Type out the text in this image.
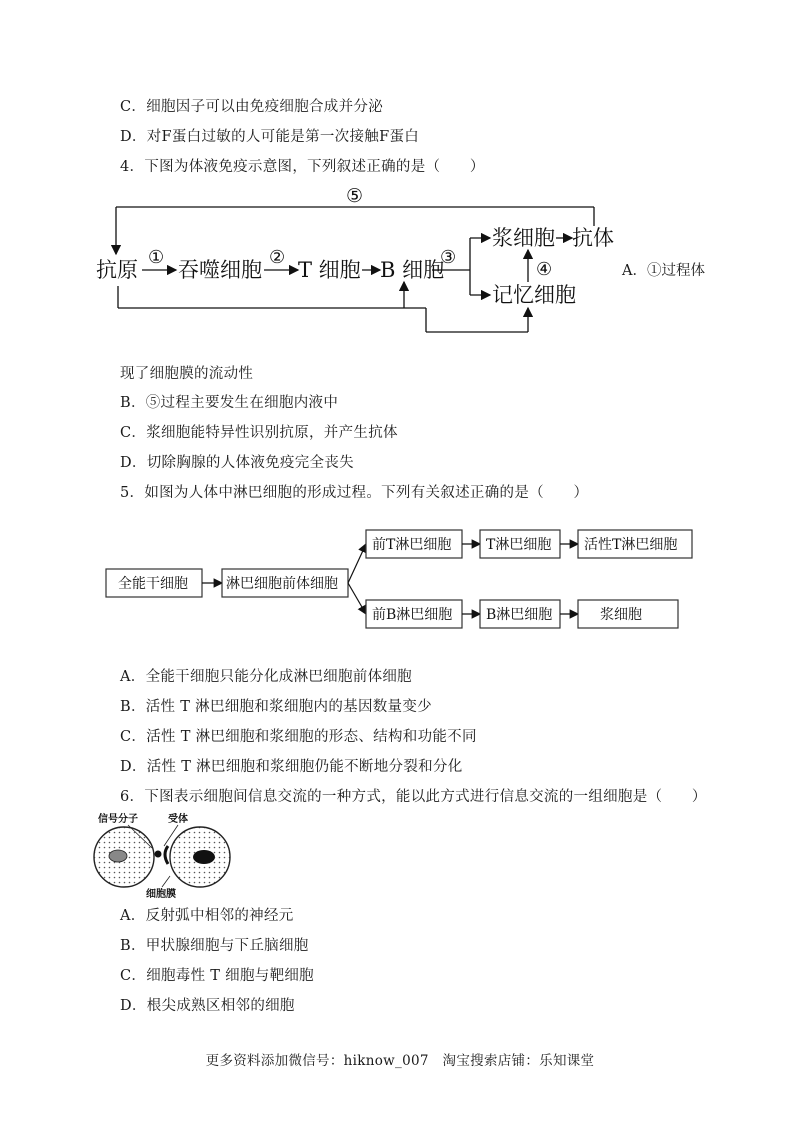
C．细胞因子可以由免疫细胞合成并分泌
D．对F蛋白过敏的人可能是第一次接触F蛋白
4．下图为体液免疫示意图，下列叙述正确的是（　　）
⑤
抗原
①
吞噬细胞
②
T 细胞 B 细胞
③
浆细胞 抗体
记忆细胞
④	A．①过程体
现了细胞膜的流动性
B．⑤过程主要发生在细胞内液中
C．浆细胞能特异性识别抗原，并产生抗体
D．切除胸腺的人体液免疫完全丧失
5．如图为人体中淋巴细胞的形成过程。下列有关叙述正确的是（　　）
全能干细胞	淋巴细胞前体细胞
前T淋巴细胞 T淋巴细胞 活性T淋巴细胞
前B淋巴细胞 B淋巴细胞	浆细胞
A．全能干细胞只能分化成淋巴细胞前体细胞
B．活性 T 淋巴细胞和浆细胞内的基因数量变少
C．活性 T 淋巴细胞和浆细胞的形态、结构和功能不同
D．活性 T 淋巴细胞和浆细胞仍能不断地分裂和分化
6．下图表示细胞间信息交流的一种方式，能以此方式进行信息交流的一组细胞是（　　）
信号分子	受体
细胞膜
A．反射弧中相邻的神经元
B．甲状腺细胞与下丘脑细胞
C．细胞毒性 T 细胞与靶细胞
D．根尖成熟区相邻的细胞
更多资料添加微信号：hiknow_007　淘宝搜索店铺：乐知课堂
